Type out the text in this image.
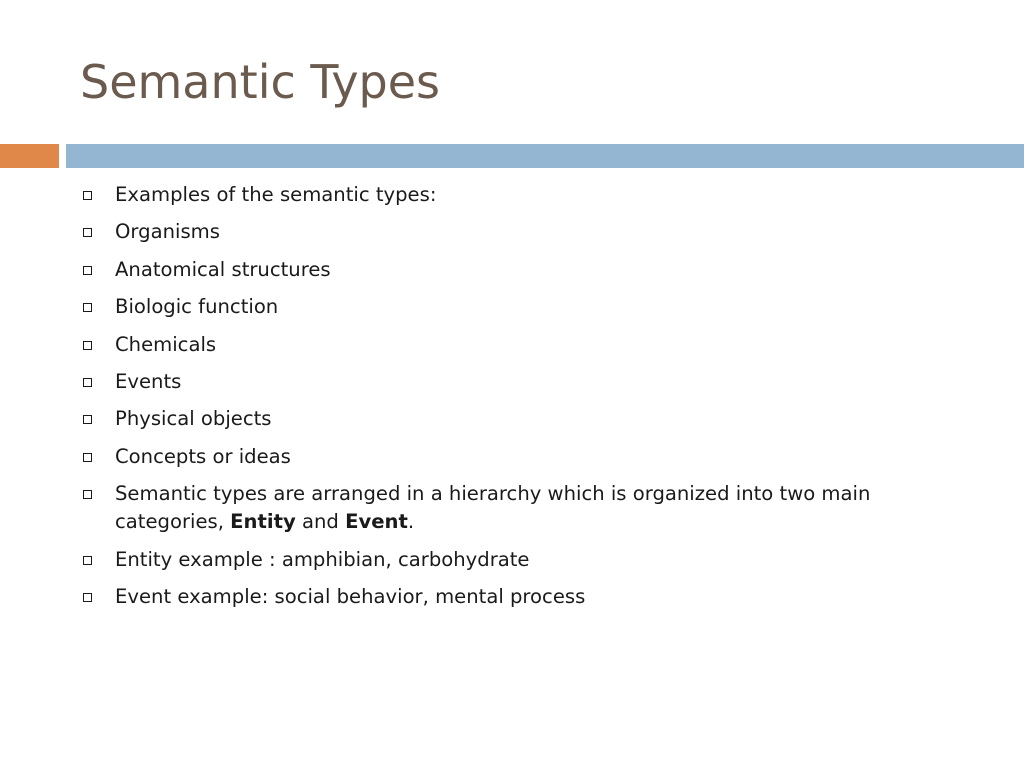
Semantic Types
Examples of the semantic types:
Organisms
Anatomical structures
Biologic function
Chemicals
Events
Physical objects
Concepts or ideas
Semantic types are arranged in a hierarchy which is organized into two main categories, Entity and Event.
Entity example : amphibian, carbohydrate
Event example: social behavior, mental process
